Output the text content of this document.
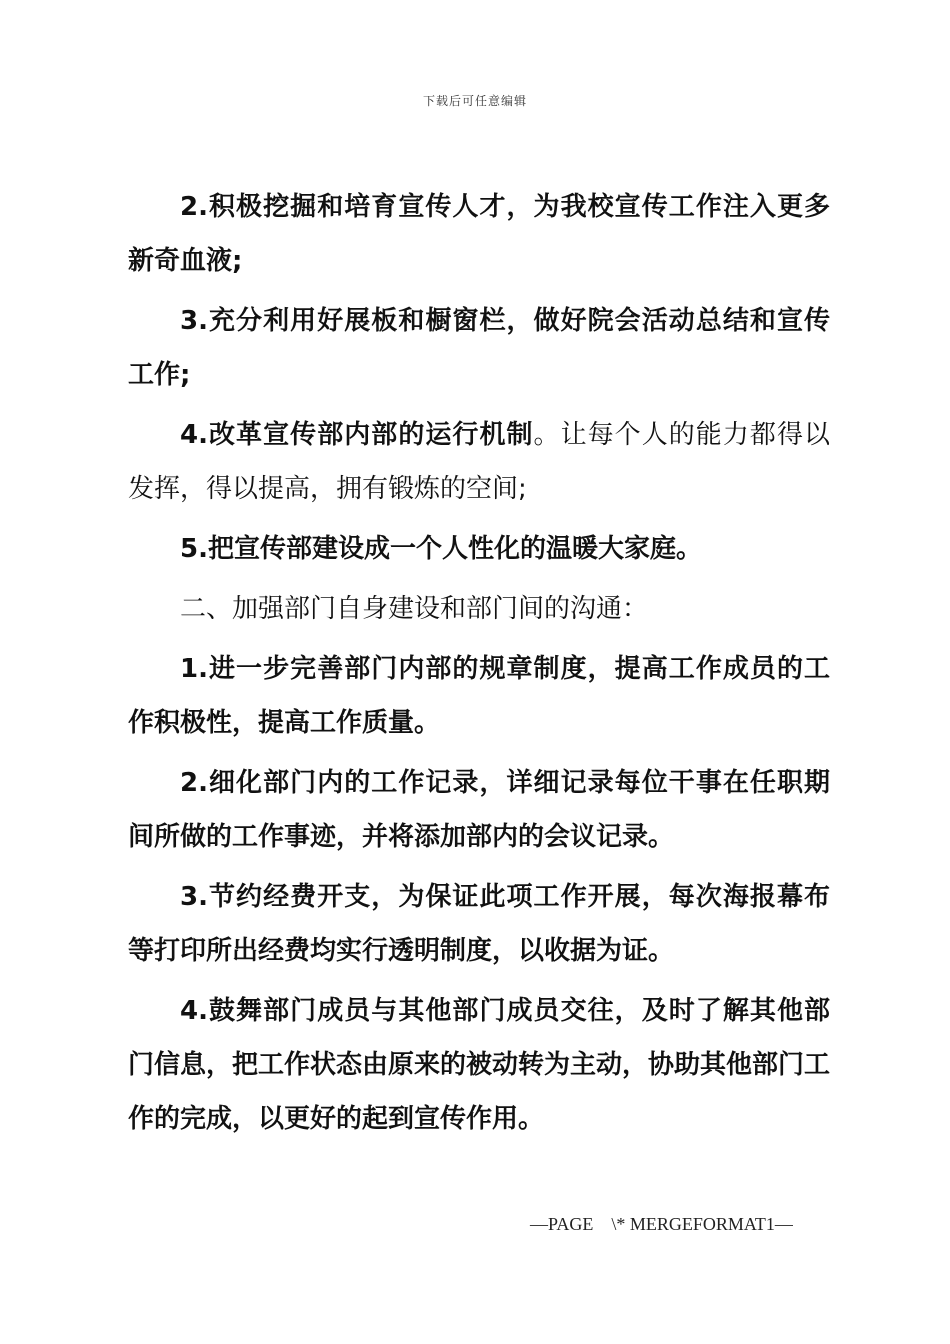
下载后可任意编辑

2.积极挖掘和培育宣传人才，为我校宣传工作注入更多新奇血液;

3.充分利用好展板和橱窗栏，做好院会活动总结和宣传工作;

4.改革宣传部内部的运行机制。让每个人的能力都得以发挥，得以提高，拥有锻炼的空间;

5.把宣传部建设成一个人性化的温暖大家庭。

二、加强部门自身建设和部门间的沟通：

1.进一步完善部门内部的规章制度，提高工作成员的工作积极性，提高工作质量。

2.细化部门内的工作记录，详细记录每位干事在任职期间所做的工作事迹，并将添加部内的会议记录。

3.节约经费开支，为保证此项工作开展，每次海报幕布等打印所出经费均实行透明制度，以收据为证。

4.鼓舞部门成员与其他部门成员交往，及时了解其他部门信息，把工作状态由原来的被动转为主动，协助其他部门工作的完成，以更好的起到宣传作用。

—PAGE    \* MERGEFORMAT1—
